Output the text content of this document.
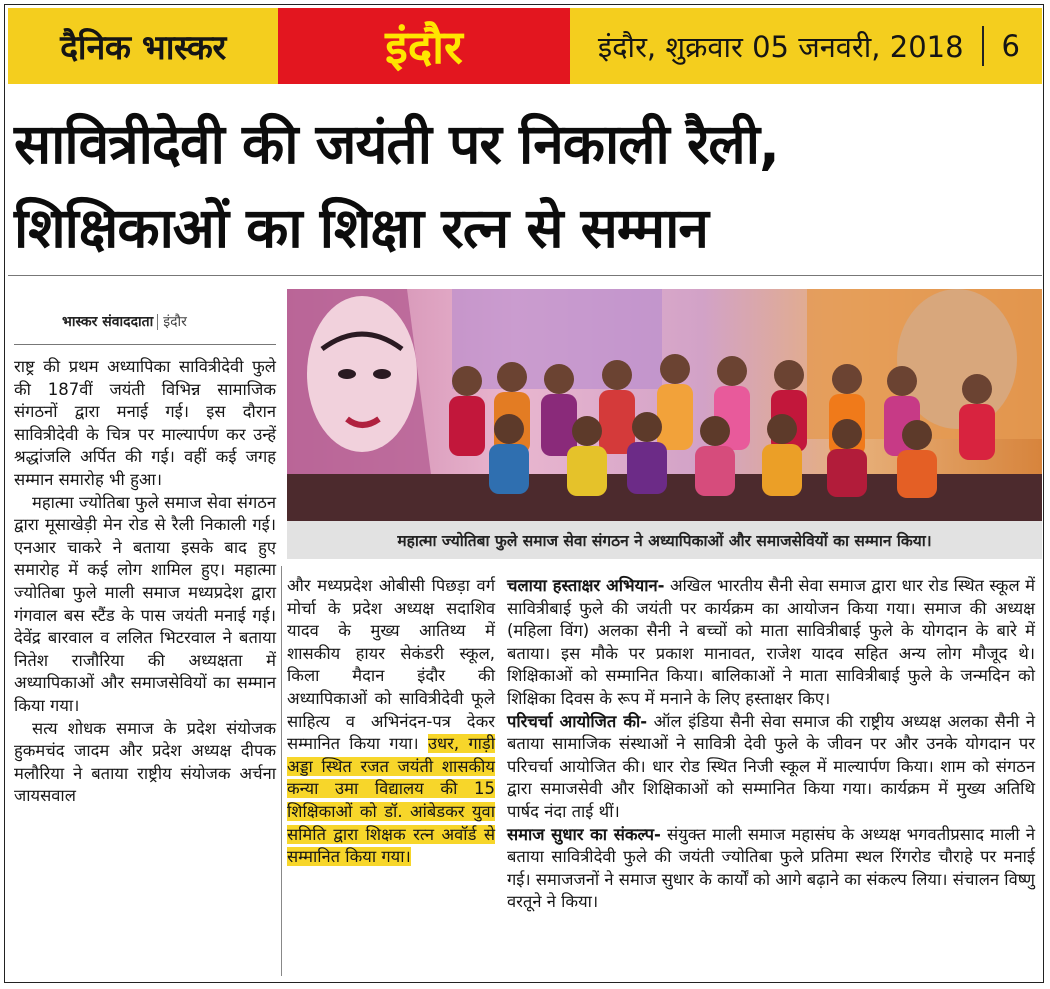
दैनिक भास्कर	इंदौर	इंदौर, शुक्रवार 05 जनवरी, 2018 6
सावित्रीदेवी की जयंती पर निकाली रैली,
शिक्षिकाओं का शिक्षा रत्न से सम्मान
भास्कर संवाददाता इंदौर

राष्ट्र की प्रथम अध्यापिका सावित्रीदेवी फुले की 187वीं जयंती विभिन्न सामाजिक संगठनों द्वारा मनाई गई। इस दौरान सावित्रीदेवी के चित्र पर माल्यार्पण कर उन्हें श्रद्धांजलि अर्पित की गई। वहीं कई जगह सम्मान समारोह भी हुआ।

महात्मा ज्योतिबा फुले समाज सेवा संगठन द्वारा मूसाखेड़ी मेन रोड से रैली निकाली गई। एनआर चाकरे ने बताया इसके बाद हुए समारोह में कई लोग शामिल हुए। महात्मा ज्योतिबा फुले माली समाज मध्यप्रदेश द्वारा गंगवाल बस स्टैंड के पास जयंती मनाई गई। देवेंद्र बारवाल व ललित भिटरवाल ने बताया नितेश राजौरिया की अध्यक्षता में अध्यापिकाओं और समाजसेवियों का सम्मान किया गया।

सत्य शोधक समाज के प्रदेश संयोजक हुकमचंद जादम और प्रदेश अध्यक्ष दीपक मलौरिया ने बताया राष्ट्रीय संयोजक अर्चना जायसवाल

महात्मा ज्योतिबा फुले समाज सेवा संगठन ने अध्यापिकाओं और समाजसेवियों का सम्मान किया।

और मध्यप्रदेश ओबीसी पिछड़ा वर्ग मोर्चा के प्रदेश अध्यक्ष सदाशिव यादव के मुख्य आतिथ्य में शासकीय हायर सेकंडरी स्कूल, किला मैदान इंदौर की अध्यापिकाओं को सावित्रीदेवी फूले साहित्य व अभिनंदन-पत्र देकर सम्मानित किया गया। उधर, गाड़ी अड्डा स्थित रजत जयंती शासकीय कन्या उमा विद्यालय की 15 शिक्षिकाओं को डॉ. आंबेडकर युवा समिति द्वारा शिक्षक रत्न अवॉर्ड से सम्मानित किया गया।

चलाया हस्ताक्षर अभियान- अखिल भारतीय सैनी सेवा समाज द्वारा धार रोड स्थित स्कूल में सावित्रीबाई फुले की जयंती पर कार्यक्रम का आयोजन किया गया। समाज की अध्यक्ष (महिला विंग) अलका सैनी ने बच्चों को माता सावित्रीबाई फुले के योगदान के बारे में बताया। इस मौके पर प्रकाश मानावत, राजेश यादव सहित अन्य लोग मौजूद थे। शिक्षिकाओं को सम्मानित किया। बालिकाओं ने माता सावित्रीबाई फुले के जन्मदिन को शिक्षिका दिवस के रूप में मनाने के लिए हस्ताक्षर किए।

परिचर्चा आयोजित की- ऑल इंडिया सैनी सेवा समाज की राष्ट्रीय अध्यक्ष अलका सैनी ने बताया सामाजिक संस्थाओं ने सावित्री देवी फुले के जीवन पर और उनके योगदान पर परिचर्चा आयोजित की। धार रोड स्थित निजी स्कूल में माल्यार्पण किया। शाम को संगठन द्वारा समाजसेवी और शिक्षिकाओं को सम्मानित किया गया। कार्यक्रम में मुख्य अतिथि पार्षद नंदा ताई थीं।

समाज सुधार का संकल्प- संयुक्त माली समाज महासंघ के अध्यक्ष भगवतीप्रसाद माली ने बताया सावित्रीदेवी फुले की जयंती ज्योतिबा फुले प्रतिमा स्थल रिंगरोड चौराहे पर मनाई गई। समाजजनों ने समाज सुधार के कार्यों को आगे बढ़ाने का संकल्प लिया। संचालन विष्णु वरतूने ने किया।
